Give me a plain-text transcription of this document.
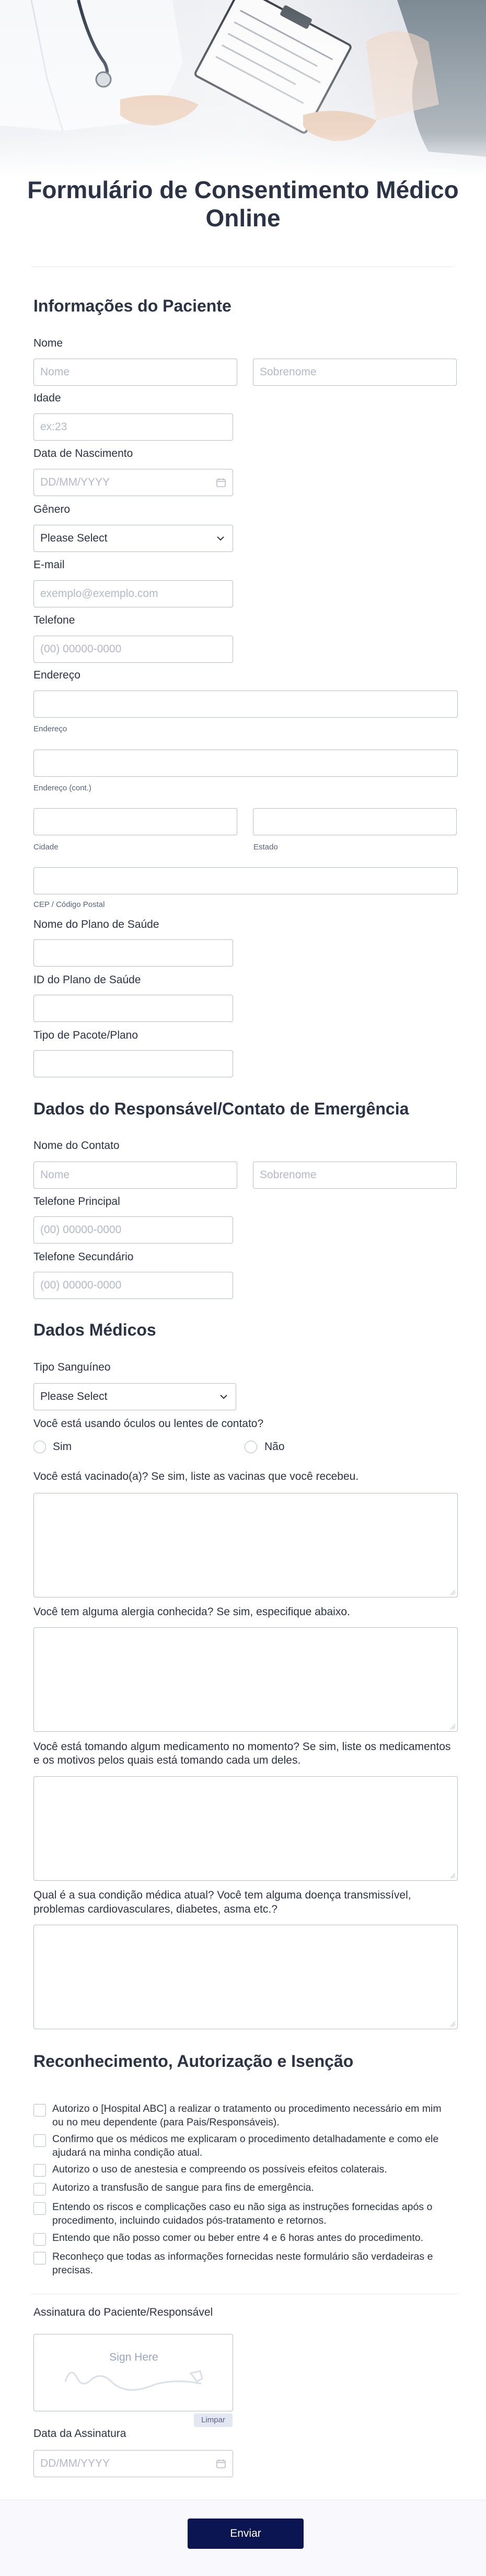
Formulário de Consentimento Médico Online
Informações do Paciente
Nome
Nome	Sobrenome
Idade
ex:23
Data de Nascimento
DD/MM/YYYY
Gênero
Please Select
E-mail
exemplo@exemplo.com
Telefone
(00) 00000-0000
Endereço
Endereço
Endereço (cont.)
Cidade	Estado
CEP / Código Postal
Nome do Plano de Saúde
ID do Plano de Saúde
Tipo de Pacote/Plano
Dados do Responsável/Contato de Emergência
Nome do Contato
Nome	Sobrenome
Telefone Principal
(00) 00000-0000
Telefone Secundário
(00) 00000-0000
Dados Médicos
Tipo Sanguíneo
Please Select
Você está usando óculos ou lentes de contato?
Sim	Não
Você está vacinado(a)? Se sim, liste as vacinas que você recebeu.
Você tem alguma alergia conhecida? Se sim, especifique abaixo.
Você está tomando algum medicamento no momento? Se sim, liste os medicamentos
e os motivos pelos quais está tomando cada um deles.
Qual é a sua condição médica atual? Você tem alguma doença transmissível,
problemas cardiovasculares, diabetes, asma etc.?
Reconhecimento, Autorização e Isenção
Autorizo o [Hospital ABC] a realizar o tratamento ou procedimento necessário em mim
ou no meu dependente (para Pais/Responsáveis).
Confirmo que os médicos me explicaram o procedimento detalhadamente e como ele
ajudará na minha condição atual.
Autorizo o uso de anestesia e compreendo os possíveis efeitos colaterais.
Autorizo a transfusão de sangue para fins de emergência.
Entendo os riscos e complicações caso eu não siga as instruções fornecidas após o
procedimento, incluindo cuidados pós-tratamento e retornos.
Entendo que não posso comer ou beber entre 4 e 6 horas antes do procedimento.
Reconheço que todas as informações fornecidas neste formulário são verdadeiras e
precisas.
Assinatura do Paciente/Responsável
Sign Here
Limpar
Data da Assinatura
DD/MM/YYYY
Enviar
